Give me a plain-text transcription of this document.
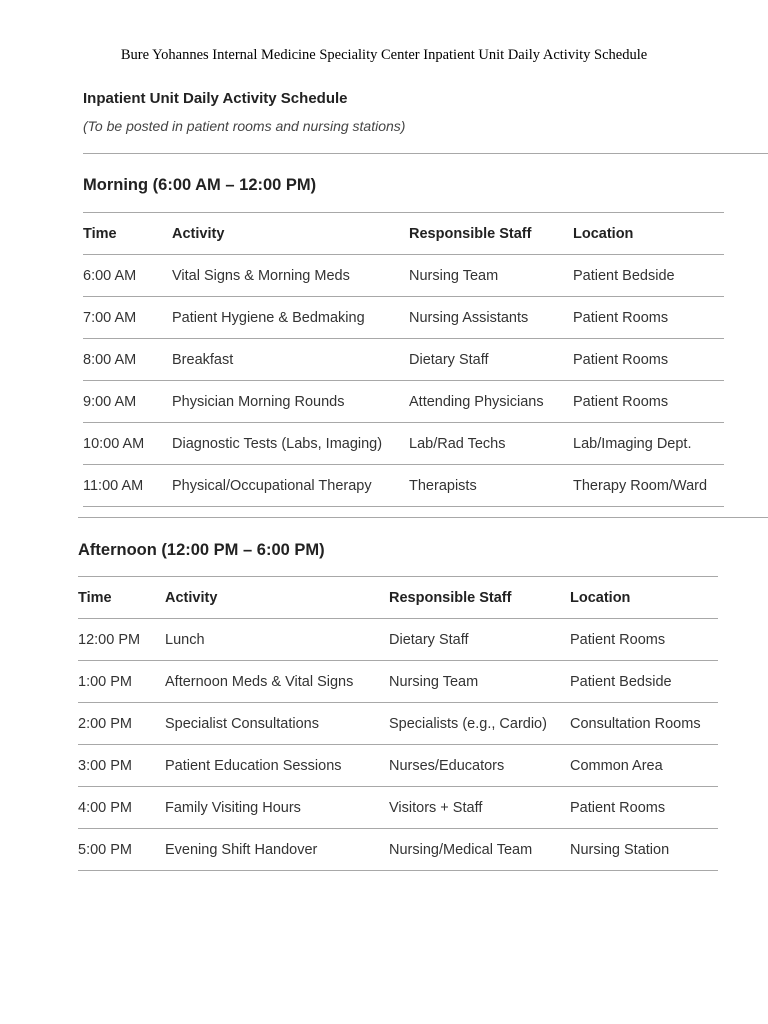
Bure Yohannes Internal Medicine Speciality Center Inpatient Unit Daily Activity Schedule
Inpatient Unit Daily Activity Schedule
(To be posted in patient rooms and nursing stations)
Morning (6:00 AM – 12:00 PM)
Time	Activity	Responsible Staff	Location
6:00 AM	Vital Signs & Morning Meds	Nursing Team	Patient Bedside
7:00 AM	Patient Hygiene & Bedmaking	Nursing Assistants	Patient Rooms
8:00 AM	Breakfast	Dietary Staff	Patient Rooms
9:00 AM	Physician Morning Rounds	Attending Physicians	Patient Rooms
10:00 AM	Diagnostic Tests (Labs, Imaging)	Lab/Rad Techs	Lab/Imaging Dept.
11:00 AM	Physical/Occupational Therapy	Therapists	Therapy Room/Ward
Afternoon (12:00 PM – 6:00 PM)
Time	Activity	Responsible Staff	Location
12:00 PM	Lunch	Dietary Staff	Patient Rooms
1:00 PM	Afternoon Meds & Vital Signs	Nursing Team	Patient Bedside
2:00 PM	Specialist Consultations	Specialists (e.g., Cardio)	Consultation Rooms
3:00 PM	Patient Education Sessions	Nurses/Educators	Common Area
4:00 PM	Family Visiting Hours	Visitors + Staff	Patient Rooms
5:00 PM	Evening Shift Handover	Nursing/Medical Team	Nursing Station
